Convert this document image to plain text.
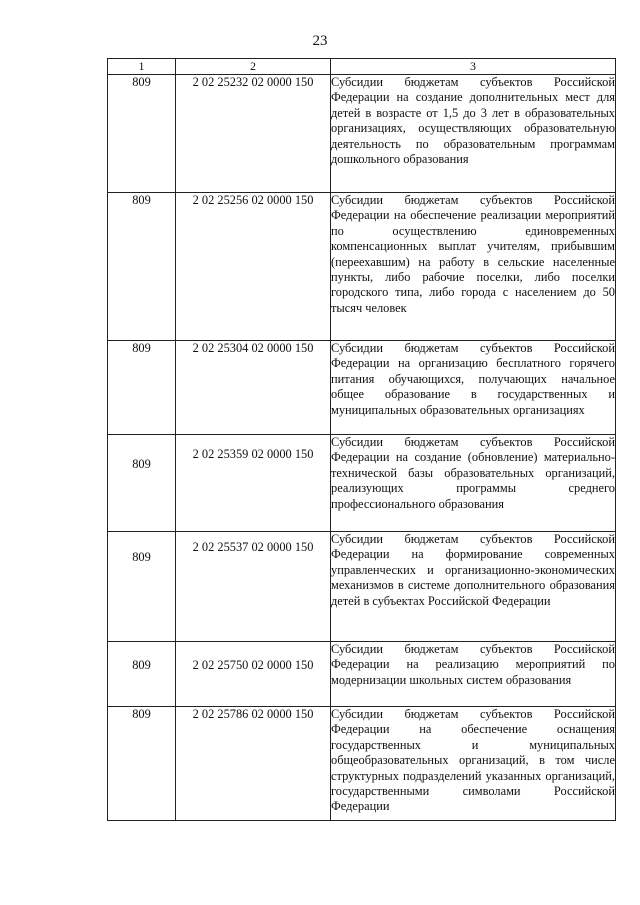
23
1	2	3
809	2 02 25232 02 0000 150	Субсидии бюджетам субъектов Российской Федерации на создание дополнительных мест для детей в возрасте от 1,5 до 3 лет в образовательных организациях, осуществляющих образовательную деятельность по образовательным программам дошкольного образования
809	2 02 25256 02 0000 150	Субсидии бюджетам субъектов Российской Федерации на обеспечение реализации мероприятий по осуществлению единовременных компенсационных выплат учителям, прибывшим (переехавшим) на работу в сельские населенные пункты, либо рабочие поселки, либо поселки городского типа, либо города с населением до 50 тысяч человек
809	2 02 25304 02 0000 150	Субсидии бюджетам субъектов Российской Федерации на организацию бесплатного горячего питания обучающихся, получающих начальное общее образование в государственных и муниципальных образовательных организациях
809	2 02 25359 02 0000 150	Субсидии бюджетам субъектов Российской Федерации на создание (обновление) материально-технической базы образовательных организаций, реализующих программы среднего профессионального образования
809	2 02 25537 02 0000 150	Субсидии бюджетам субъектов Российской Федерации на формирование современных управленческих и организационно-экономических механизмов в системе дополнительного образования детей в субъектах Российской Федерации
809	2 02 25750 02 0000 150	Субсидии бюджетам субъектов Российской Федерации на реализацию мероприятий по модернизации школьных систем образования
809	2 02 25786 02 0000 150	Субсидии бюджетам субъектов Российской Федерации на обеспечение оснащения государственных и муниципальных общеобразовательных организаций, в том числе структурных подразделений указанных организаций, государственными символами Российской Федерации
